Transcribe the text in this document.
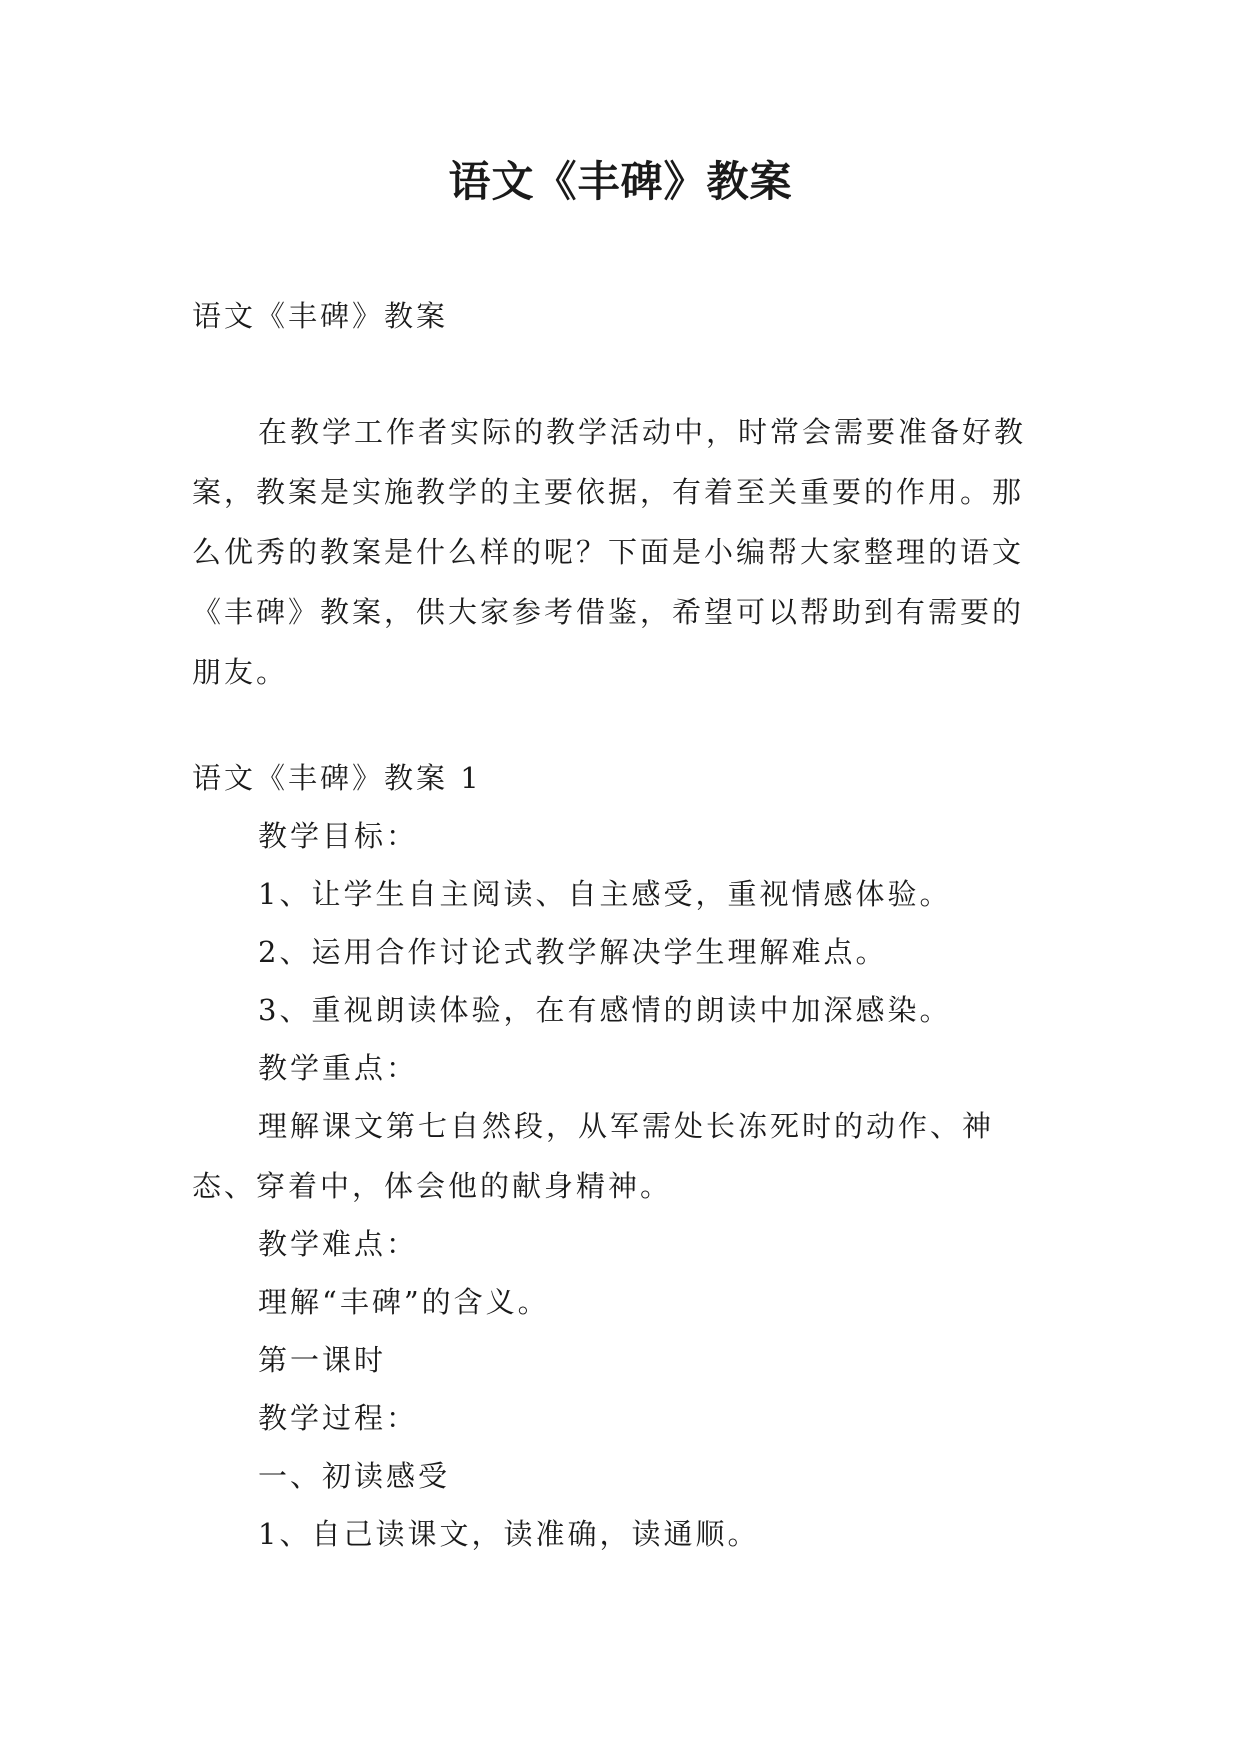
语文《丰碑》教案
语文《丰碑》教案

在教学工作者实际的教学活动中，时常会需要准备好教案，教案是实施教学的主要依据，有着至关重要的作用。那么优秀的教案是什么样的呢？下面是小编帮大家整理的语文《丰碑》教案，供大家参考借鉴，希望可以帮助到有需要的朋友。

语文《丰碑》教案 1
教学目标：
1、让学生自主阅读、自主感受，重视情感体验。
2、运用合作讨论式教学解决学生理解难点。
3、重视朗读体验，在有感情的朗读中加深感染。
教学重点：

理解课文第七自然段，从军需处长冻死时的动作、神态、穿着中，体会他的献身精神。

教学难点：
理解“丰碑”的含义。
第一课时
教学过程：
一、初读感受
1、自己读课文，读准确，读通顺。
